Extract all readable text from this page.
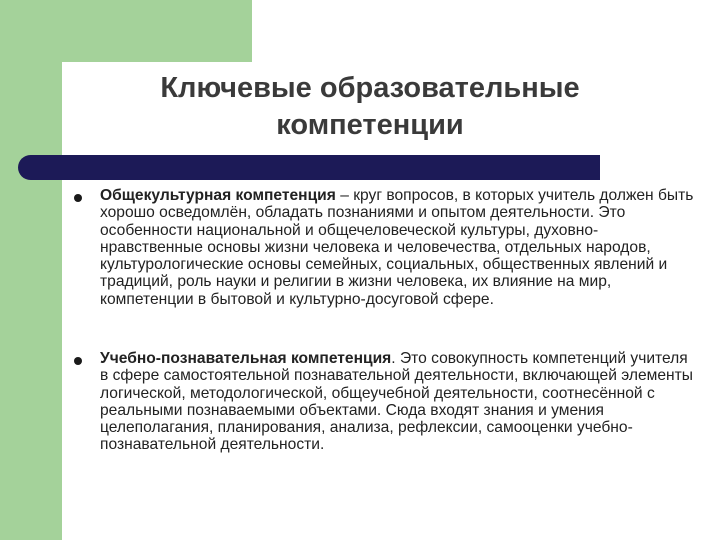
Ключевые образовательные
компетенции
Общекультурная компетенция – круг вопросов, в которых учитель должен быть хорошо осведомлён, обладать познаниями и опытом деятельности. Это особенности национальной и общечеловеческой культуры, духовно-нравственные основы жизни человека и человечества, отдельных народов, культурологические основы семейных, социальных, общественных явлений и традиций, роль науки и религии в жизни человека, их влияние на мир, компетенции в бытовой и культурно-досуговой сфере.
Учебно-познавательная компетенция. Это совокупность компетенций учителя в сфере самостоятельной познавательной деятельности, включающей элементы логической, методологической, общеучебной деятельности, соотнесённой с реальными познаваемыми объектами. Сюда входят знания и умения целеполагания, планирования, анализа, рефлексии, самооценки учебно-познавательной деятельности.
